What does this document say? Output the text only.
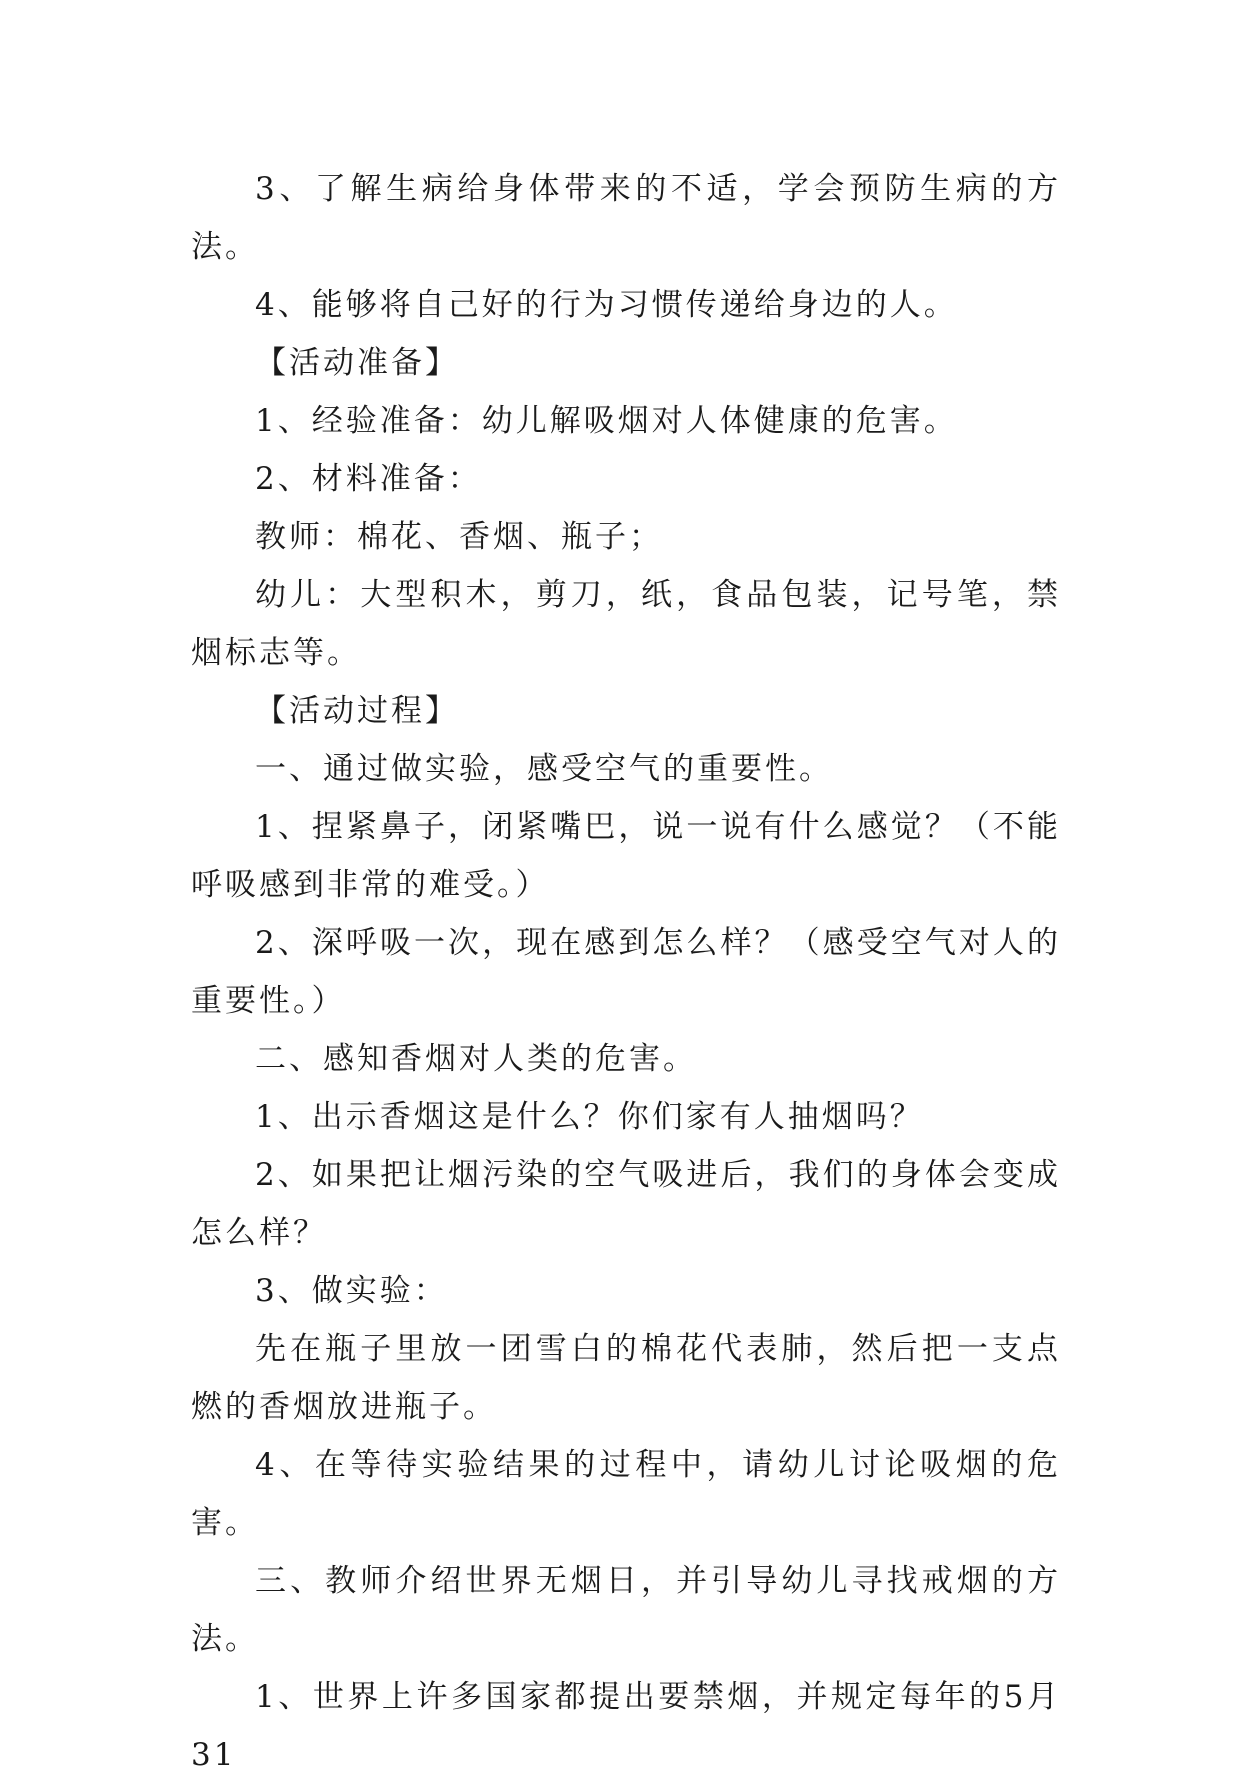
3、了解生病给身体带来的不适，学会预防生病的方法。

4、能够将自己好的行为习惯传递给身边的人。

【活动准备】

1、经验准备：幼儿解吸烟对人体健康的危害。

2、材料准备：

教师：棉花、香烟、瓶子；

幼儿：大型积木，剪刀，纸，食品包装，记号笔，禁烟标志等。

【活动过程】

一、通过做实验，感受空气的重要性。

1、捏紧鼻子，闭紧嘴巴，说一说有什么感觉？（不能呼吸感到非常的难受。）

2、深呼吸一次，现在感到怎么样？（感受空气对人的重要性。）

二、感知香烟对人类的危害。

1、出示香烟这是什么？你们家有人抽烟吗？

2、如果把让烟污染的空气吸进后，我们的身体会变成怎么样？

3、做实验：

先在瓶子里放一团雪白的棉花代表肺，然后把一支点燃的香烟放进瓶子。

4、在等待实验结果的过程中，请幼儿讨论吸烟的危害。

三、教师介绍世界无烟日，并引导幼儿寻找戒烟的方法。

1、世界上许多国家都提出要禁烟，并规定每年的5月31
